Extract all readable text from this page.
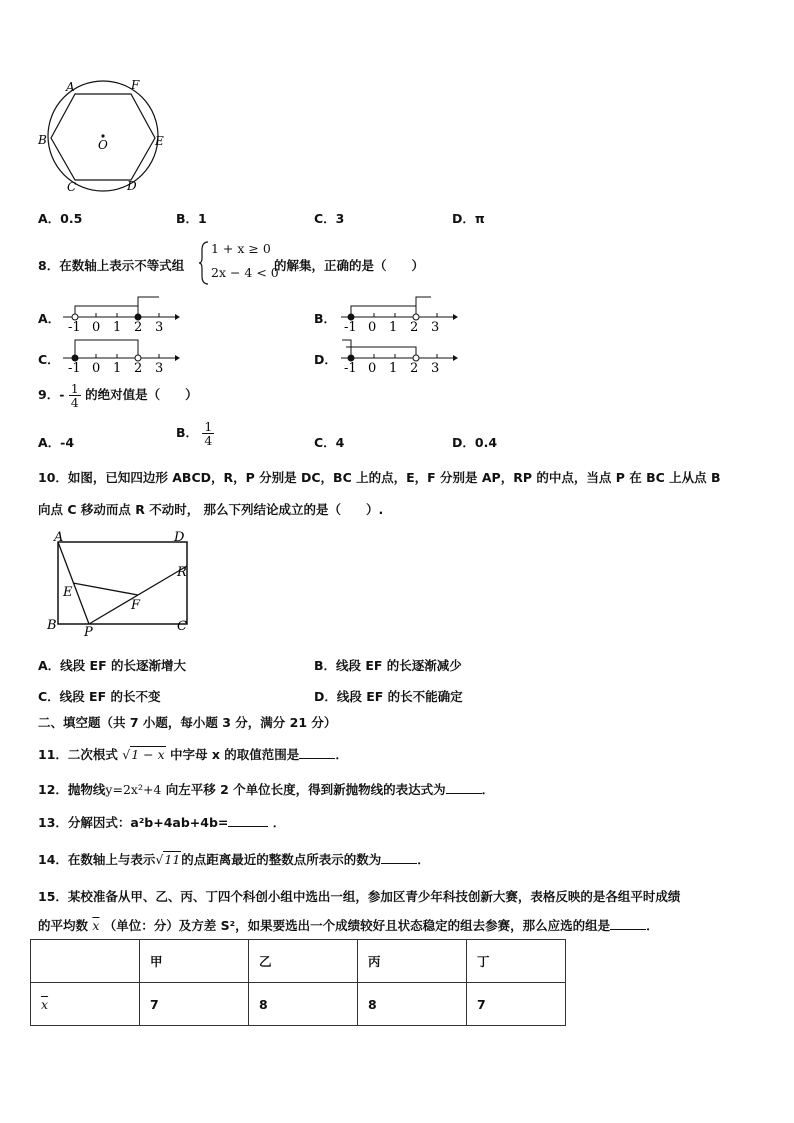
A	F
B	E
C	D
O
A．0.5	B．1	C．3	D．π
8．在数轴上表示不等式组
1 + x ≥ 0
2x − 4 < 0
的解集，正确的是（　　）
A．	B．
C．	D．
-1 0 1 2 3	-1 0 1 2 3
-1 0 1 2 3	-1 0 1 2 3
9．- $\frac{1}{4}$ 的绝对值是（　　）
A．-4
B． $\frac{1}{4}$	C．4	D．0.4
10．如图，已知四边形 ABCD，R，P 分别是 DC，BC 上的点，E，F 分别是 AP，RP 的中点，当点 P 在 BC 上从点 B
向点 C 移动而点 R 不动时， 那么下列结论成立的是（　　）.
A	D
R
E
F
B P	C
A．线段 EF 的长逐渐增大	B．线段 EF 的长逐渐减少
C．线段 EF 的长不变	D．线段 EF 的长不能确定
二、填空题（共 7 小题，每小题 3 分，满分 21 分）
11．二次根式 √1 − x 中字母 x 的取值范围是	．
12．抛物线y=2x²+4 向左平移 2 个单位长度，得到新抛物线的表达式为	．
13．分解因式：a²b+4ab+4b=	．
14．在数轴上与表示√11的点距离最近的整数点所表示的数为	．
15．某校准备从甲、乙、丙、丁四个科创小组中选出一组，参加区青少年科技创新大赛，表格反映的是各组平时成绩
的平均数 $\overline{x}$ （单位：分）及方差 S²，如果要选出一个成绩较好且状态稳定的组去参赛，那么应选的组是	．
	甲	乙	丙	丁
$\overline{x}$	7	8	8	7
